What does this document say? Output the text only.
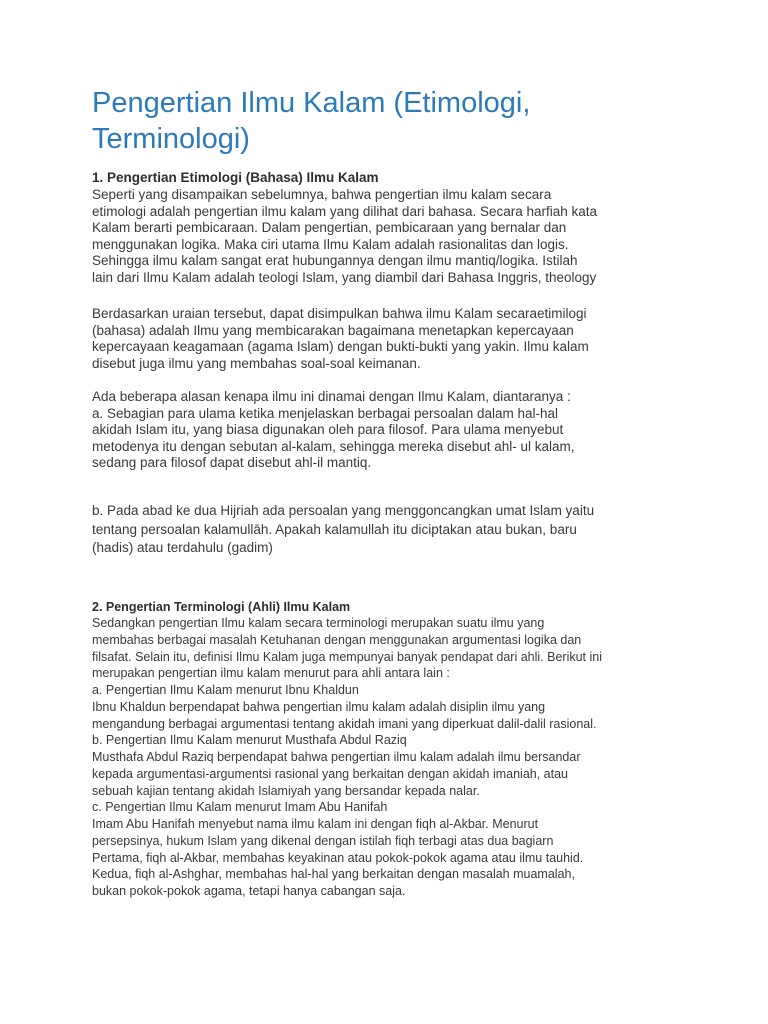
Pengertian Ilmu Kalam (Etimologi, Terminologi)
1. Pengertian Etimologi (Bahasa) Ilmu Kalam

Seperti yang disampaikan sebelumnya, bahwa pengertian ilmu kalam secara
etimologi adalah pengertian ilmu kalam yang dilihat dari bahasa. Secara harfiah kata
Kalam berarti pembicaraan. Dalam pengertian, pembicaraan yang bernalar dan
menggunakan logika. Maka ciri utama Ilmu Kalam adalah rasionalitas dan logis.
Sehingga ilmu kalam sangat erat hubungannya dengan ilmu mantiq/logika. Istilah
lain dari Ilmu Kalam adalah teologi Islam, yang diambil dari Bahasa Inggris, theology

Berdasarkan uraian tersebut, dapat disimpulkan bahwa ilmu Kalam secaraetimilogi
(bahasa) adalah Ilmu yang membicarakan bagaimana menetapkan kepercayaan
kepercayaan keagamaan (agama Islam) dengan bukti-bukti yang yakin. Ilmu kalam
disebut juga ilmu yang membahas soal-soal keimanan.

Ada beberapa alasan kenapa ilmu ini dinamai dengan Ilmu Kalam, diantaranya :
a. Sebagian para ulama ketika menjelaskan berbagai persoalan dalam hal-hal
akidah Islam itu, yang biasa digunakan oleh para filosof. Para ulama menyebut
metodenya itu dengan sebutan al-kalam, sehingga mereka disebut ahl- ul kalam,
sedang para filosof dapat disebut ahl-il mantiq.

b. Pada abad ke dua Hijriah ada persoalan yang menggoncangkan umat Islam yaitu
tentang persoalan kalamullāh. Apakah kalamullah itu diciptakan atau bukan, baru
(hadis) atau terdahulu (gadim)

2. Pengertian Terminologi (Ahli) Ilmu Kalam

Sedangkan pengertian Ilmu kalam secara terminologi merupakan suatu ilmu yang
membahas berbagai masalah Ketuhanan dengan menggunakan argumentasi logika dan
filsafat. Selain itu, definisi Ilmu Kalam juga mempunyai banyak pendapat dari ahli. Berikut ini
merupakan pengertian ilmu kalam menurut para ahli antara lain :
a. Pengertian Ilmu Kalam menurut Ibnu Khaldun
Ibnu Khaldun berpendapat bahwa pengertian ilmu kalam adalah disiplin ilmu yang
mengandung berbagai argumentasi tentang akidah imani yang diperkuat dalil-dalil rasional.
b. Pengertian Ilmu Kalam menurut Musthafa Abdul Raziq
Musthafa Abdul Raziq berpendapat bahwa pengertian ilmu kalam adalah ilmu bersandar
kepada argumentasi-argumentsi rasional yang berkaitan dengan akidah imaniah, atau
sebuah kajian tentang akidah Islamiyah yang bersandar kepada nalar.
c. Pengertian Ilmu Kalam menurut Imam Abu Hanifah
Imam Abu Hanifah menyebut nama ilmu kalam ini dengan fiqh al-Akbar. Menurut
persepsinya, hukum Islam yang dikenal dengan istilah fiqh terbagi atas dua bagiarn
Pertama, fiqh al-Akbar, membahas keyakinan atau pokok-pokok agama atau ilmu tauhid.
Kedua, fiqh al-Ashghar, membahas hal-hal yang berkaitan dengan masalah muamalah,
bukan pokok-pokok agama, tetapi hanya cabangan saja.
